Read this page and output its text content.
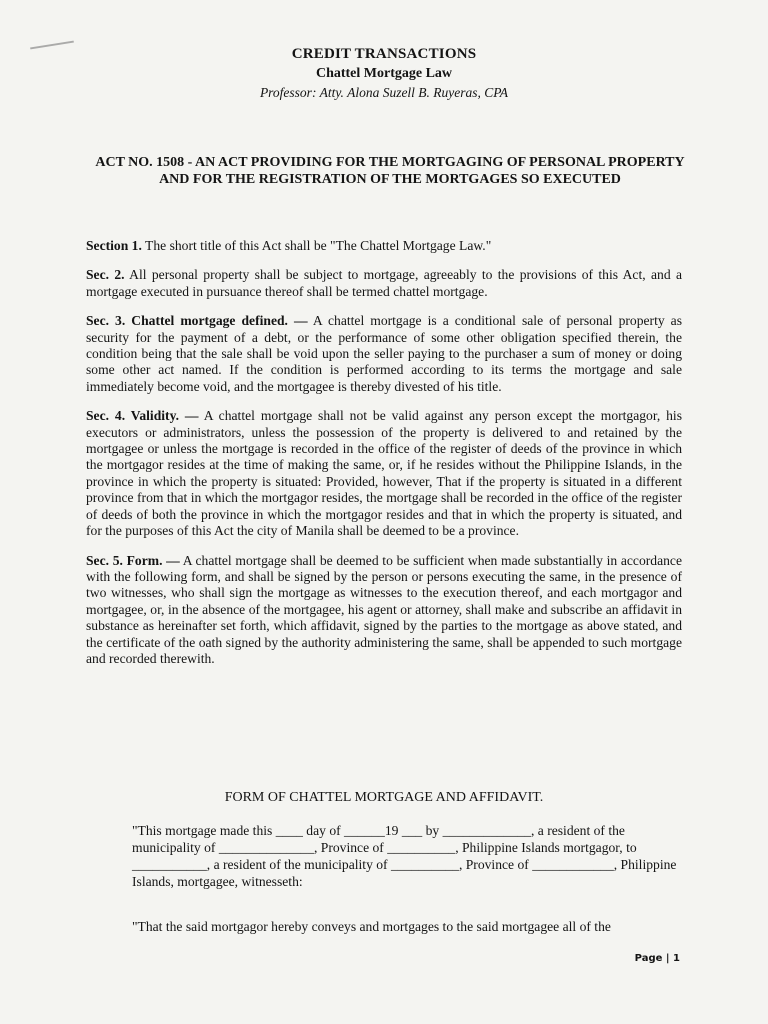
CREDIT TRANSACTIONS
Chattel Mortgage Law
Professor: Atty. Alona Suzell B. Ruyeras, CPA
ACT NO. 1508 - AN ACT PROVIDING FOR THE MORTGAGING OF PERSONAL PROPERTY AND FOR THE REGISTRATION OF THE MORTGAGES SO EXECUTED

Section 1. The short title of this Act shall be "The Chattel Mortgage Law."

Sec. 2. All personal property shall be subject to mortgage, agreeably to the provisions of this Act, and a mortgage executed in pursuance thereof shall be termed chattel mortgage.

Sec. 3. Chattel mortgage defined. — A chattel mortgage is a conditional sale of personal property as security for the payment of a debt, or the performance of some other obligation specified therein, the condition being that the sale shall be void upon the seller paying to the purchaser a sum of money or doing some other act named. If the condition is performed according to its terms the mortgage and sale immediately become void, and the mortgagee is thereby divested of his title.

Sec. 4. Validity. — A chattel mortgage shall not be valid against any person except the mortgagor, his executors or administrators, unless the possession of the property is delivered to and retained by the mortgagee or unless the mortgage is recorded in the office of the register of deeds of the province in which the mortgagor resides at the time of making the same, or, if he resides without the Philippine Islands, in the province in which the property is situated: Provided, however, That if the property is situated in a different province from that in which the mortgagor resides, the mortgage shall be recorded in the office of the register of deeds of both the province in which the mortgagor resides and that in which the property is situated, and for the purposes of this Act the city of Manila shall be deemed to be a province.

Sec. 5. Form. — A chattel mortgage shall be deemed to be sufficient when made substantially in accordance with the following form, and shall be signed by the person or persons executing the same, in the presence of two witnesses, who shall sign the mortgage as witnesses to the execution thereof, and each mortgagor and mortgagee, or, in the absence of the mortgagee, his agent or attorney, shall make and subscribe an affidavit in substance as hereinafter set forth, which affidavit, signed by the parties to the mortgage as above stated, and the certificate of the oath signed by the authority administering the same, shall be appended to such mortgage and recorded therewith.

FORM OF CHATTEL MORTGAGE AND AFFIDAVIT.
"This mortgage made this ____ day of ______19 ___ by _____________, a resident of the municipality of ______________, Province of __________, Philippine Islands mortgagor, to ___________, a resident of the municipality of __________, Province of ____________, Philippine Islands, mortgagee, witnesseth:
"That the said mortgagor hereby conveys and mortgages to the said mortgagee all of the
Page | 1
